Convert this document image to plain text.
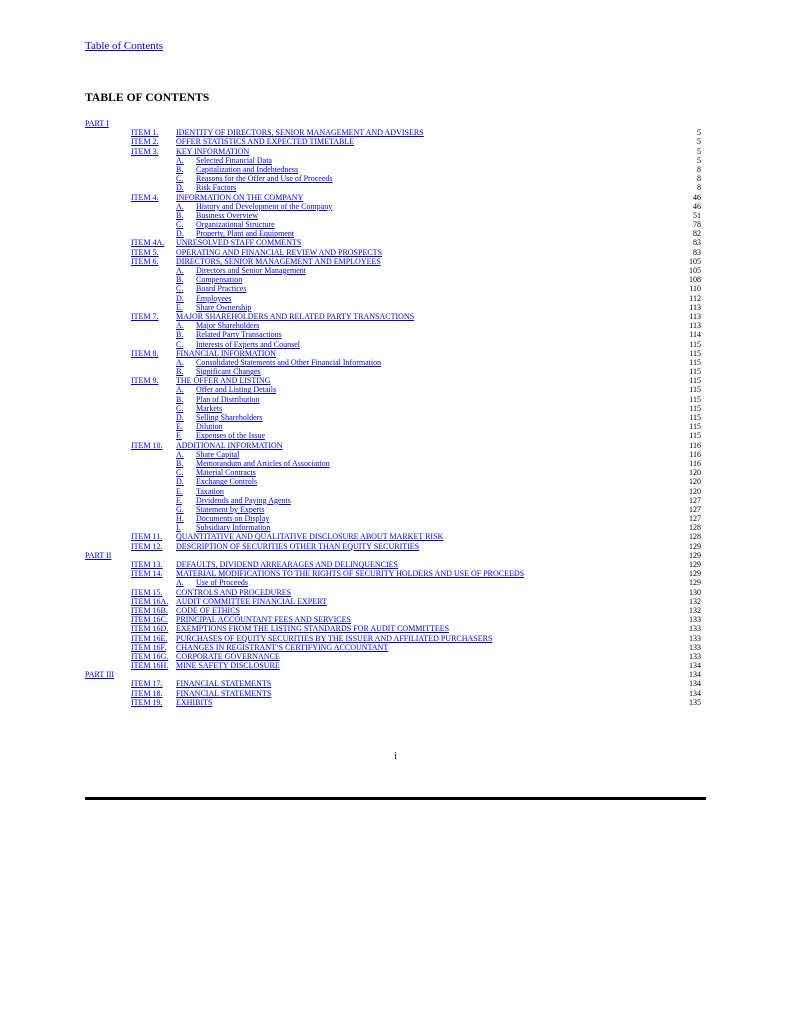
Table of Contents
TABLE OF CONTENTS
PART I
ITEM 1. IDENTITY OF DIRECTORS, SENIOR MANAGEMENT AND ADVISERS	5
ITEM 2. OFFER STATISTICS AND EXPECTED TIMETABLE	5
ITEM 3. KEY INFORMATION	5
A. Selected Financial Data	5
B. Capitalization and Indebtedness	8
C. Reasons for the Offer and Use of Proceeds	8
D. Risk Factors	8
ITEM 4. INFORMATION ON THE COMPANY	46
A. History and Development of the Company	46
B. Business Overview	51
C. Organizational Structure	78
D. Property, Plant and Equipment	82
ITEM 4A. UNRESOLVED STAFF COMMENTS	83
ITEM 5. OPERATING AND FINANCIAL REVIEW AND PROSPECTS	83
ITEM 6. DIRECTORS, SENIOR MANAGEMENT AND EMPLOYEES	105
A. Directors and Senior Management	105
B. Compensation	108
C. Board Practices	110
D. Employees	112
E. Share Ownership	113
ITEM 7. MAJOR SHAREHOLDERS AND RELATED PARTY TRANSACTIONS	113
A. Major Shareholders	113
B. Related Party Transactions	114
C. Interests of Experts and Counsel	115
ITEM 8. FINANCIAL INFORMATION	115
A. Consolidated Statements and Other Financial Information	115
B. Significant Changes	115
ITEM 9. THE OFFER AND LISTING	115
A. Offer and Listing Details	115
B. Plan of Distribution	115
C. Markets	115
D. Selling Shareholders	115
E. Dilution	115
F. Expenses of the Issue	115
ITEM 10. ADDITIONAL INFORMATION	116
A. Share Capital	116
B. Memorandum and Articles of Association	116
C. Material Contracts	120
D. Exchange Controls	120
E. Taxation	120
F. Dividends and Paying Agents	127
G. Statement by Experts	127
H. Documents on Display	127
I. Subsidiary Information	128
ITEM 11. QUANTITATIVE AND QUALITATIVE DISCLOSURE ABOUT MARKET RISK	128
ITEM 12. DESCRIPTION OF SECURITIES OTHER THAN EQUITY SECURITIES	129
PART II	129
ITEM 13. DEFAULTS, DIVIDEND ARREARAGES AND DELINQUENCIES	129
ITEM 14. MATERIAL MODIFICATIONS TO THE RIGHTS OF SECURITY HOLDERS AND USE OF PROCEEDS	129
A. Use of Proceeds	129
ITEM 15. CONTROLS AND PROCEDURES	130
ITEM 16A. AUDIT COMMITTEE FINANCIAL EXPERT	132
ITEM 16B. CODE OF ETHICS	132
ITEM 16C. PRINCIPAL ACCOUNTANT FEES AND SERVICES	133
ITEM 16D. EXEMPTIONS FROM THE LISTING STANDARDS FOR AUDIT COMMITTEES	133
ITEM 16E. PURCHASES OF EQUITY SECURITIES BY THE ISSUER AND AFFILIATED PURCHASERS	133
ITEM 16F. CHANGES IN REGISTRANT’S CERTIFYING ACCOUNTANT	133
ITEM 16G. CORPORATE GOVERNANCE	133
ITEM 16H. MINE SAFETY DISCLOSURE	134
PART III	134
ITEM 17. FINANCIAL STATEMENTS	134
ITEM 18. FINANCIAL STATEMENTS	134
ITEM 19. EXHIBITS	135
i
